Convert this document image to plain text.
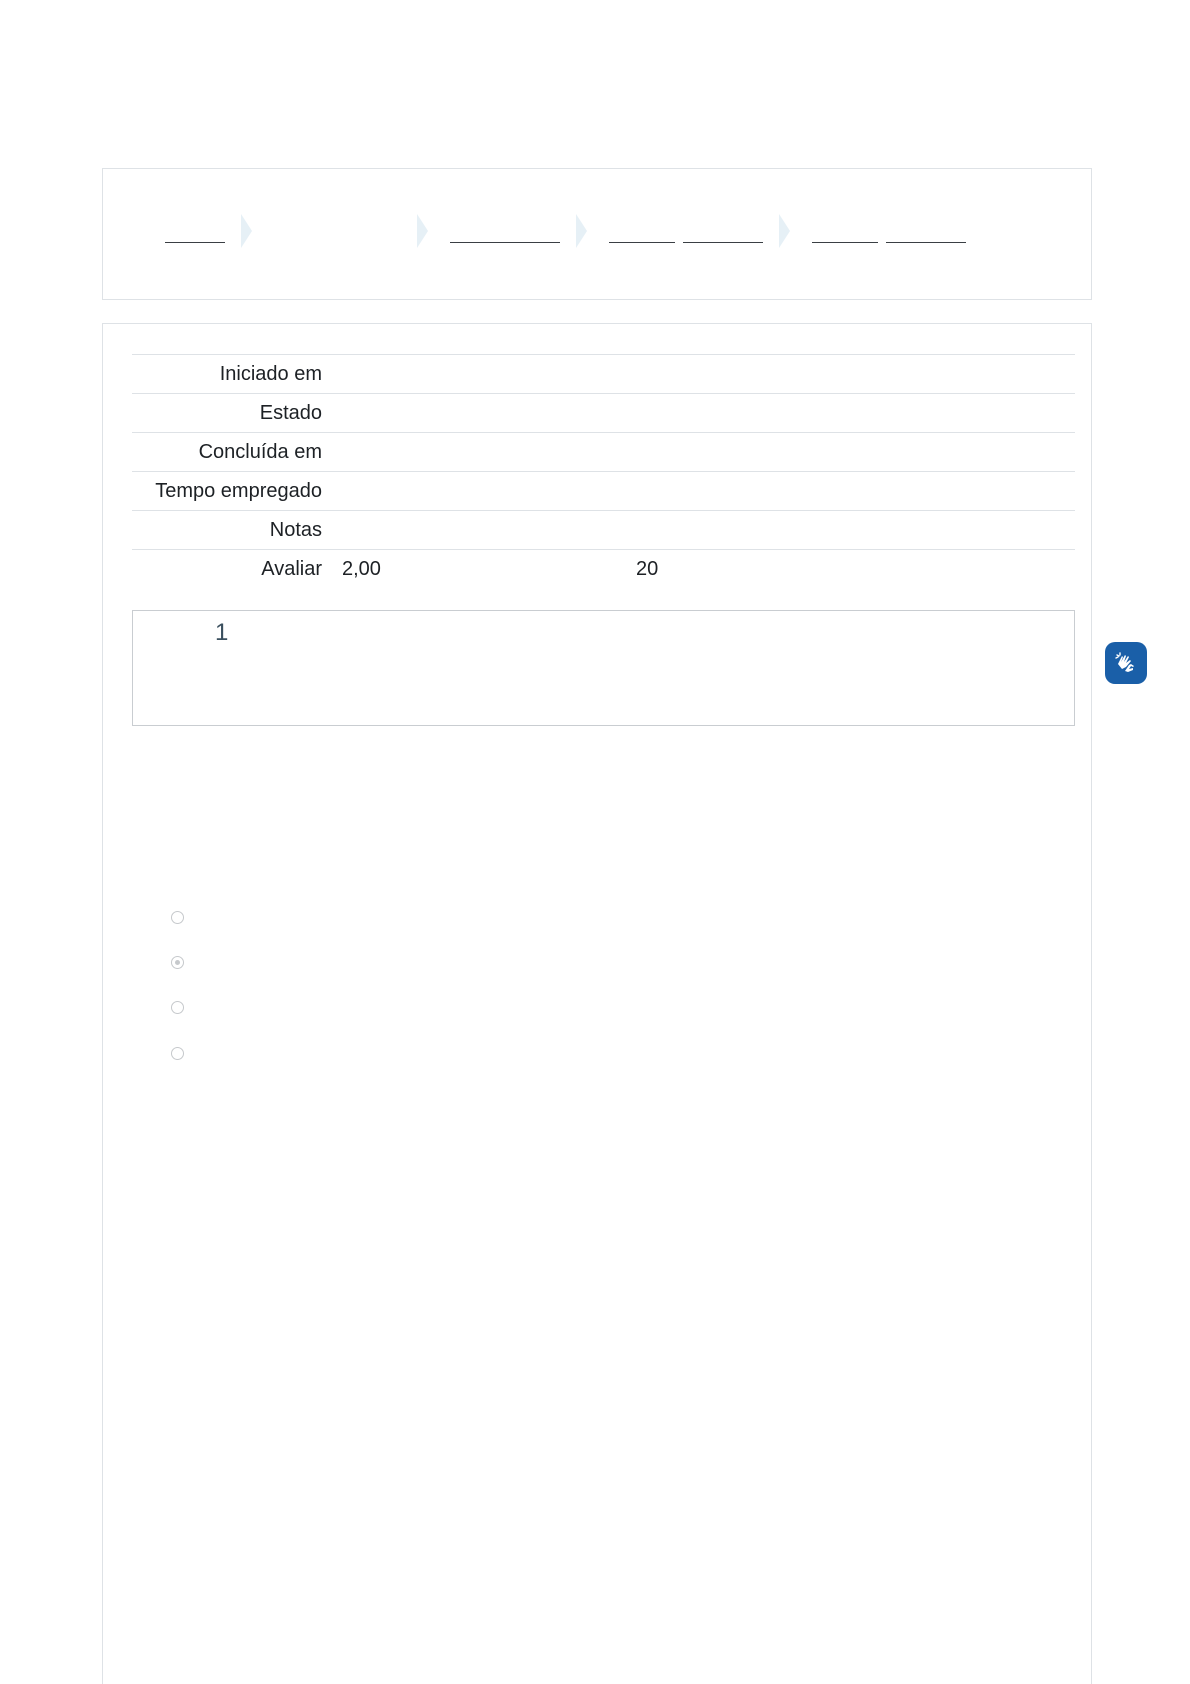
Iniciado em	
Estado	
Concluída em	
Tempo empregado	
Notas	
Avaliar	2,00 20
1
